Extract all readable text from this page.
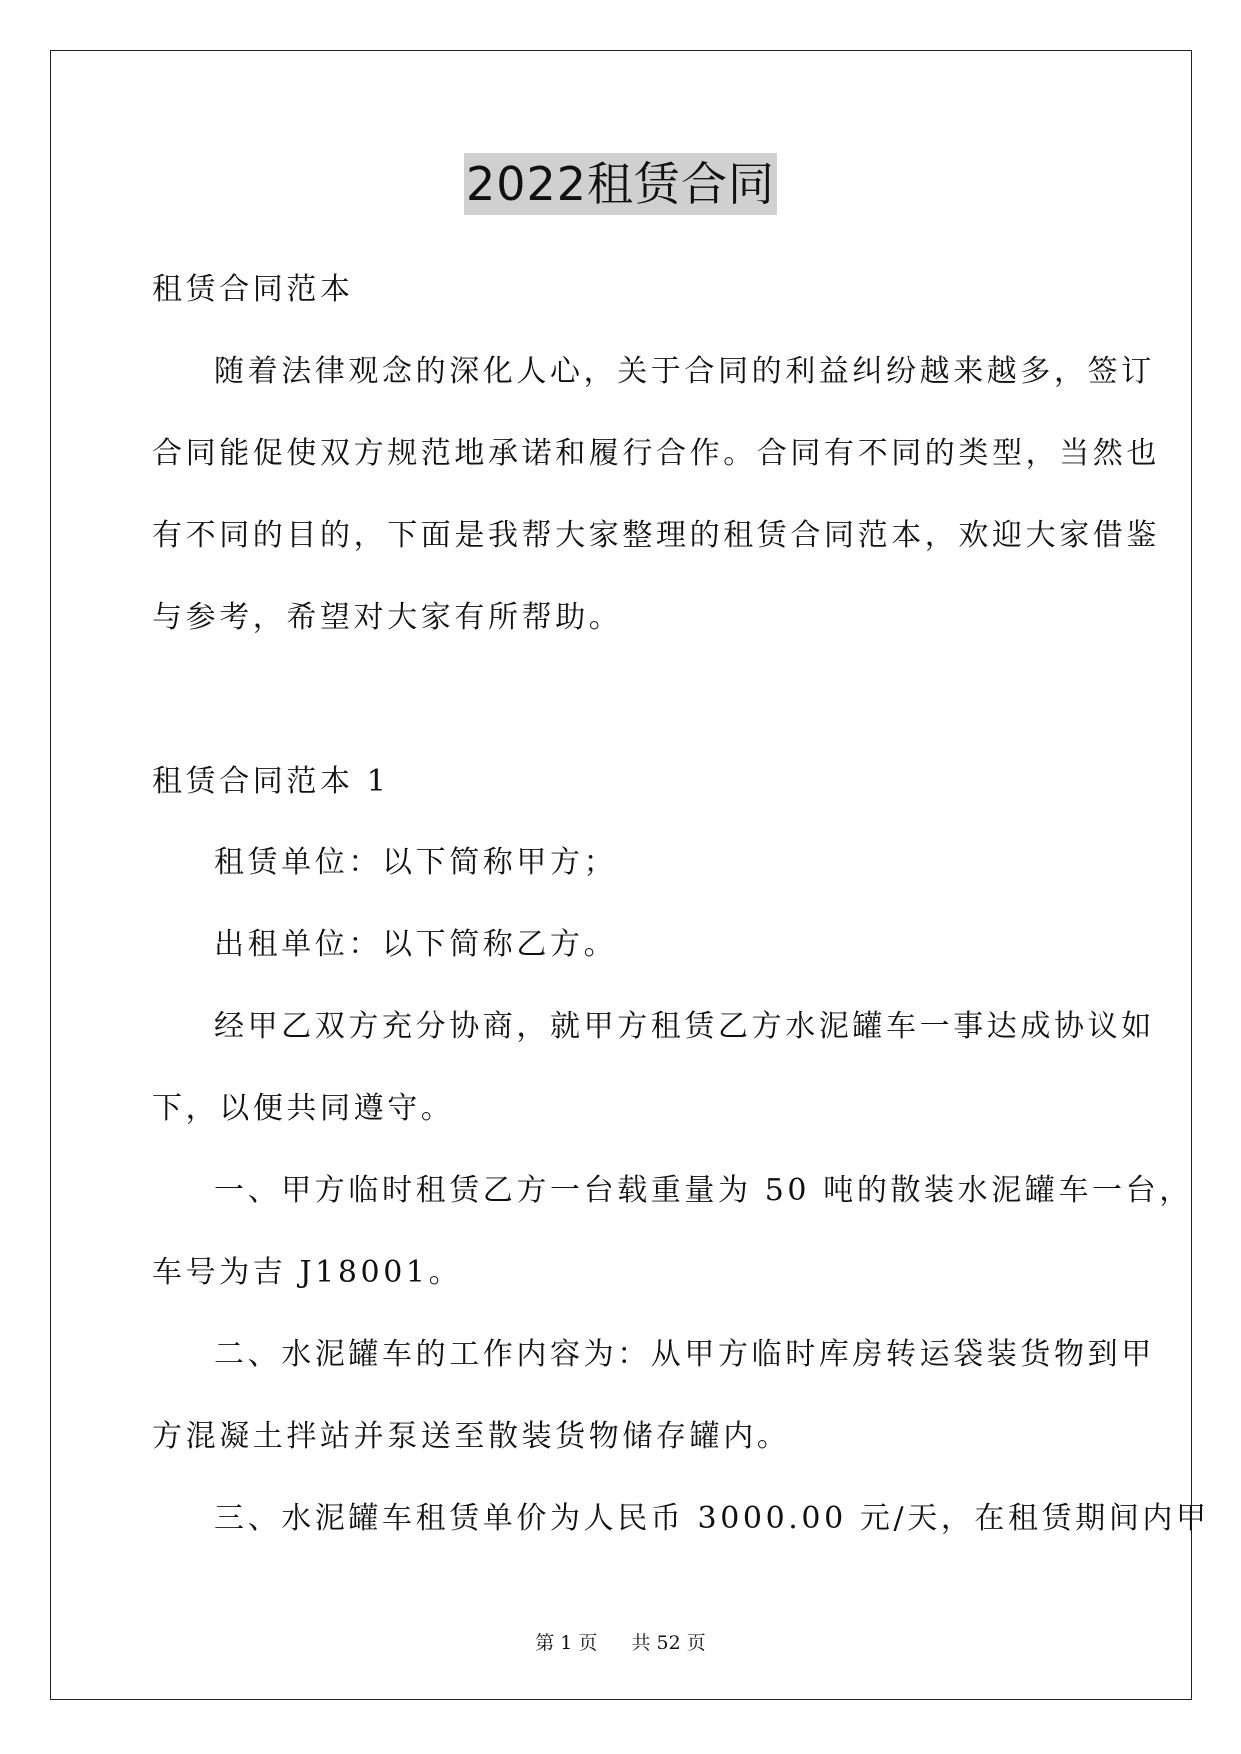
2022租赁合同
租赁合同范本
随着法律观念的深化人心，关于合同的利益纠纷越来越多，签订
合同能促使双方规范地承诺和履行合作。合同有不同的类型，当然也
有不同的目的，下面是我帮大家整理的租赁合同范本，欢迎大家借鉴
与参考，希望对大家有所帮助。
租赁合同范本 1
租赁单位：以下简称甲方；
出租单位：以下简称乙方。
经甲乙双方充分协商，就甲方租赁乙方水泥罐车一事达成协议如
下，以便共同遵守。
一、甲方临时租赁乙方一台载重量为 50 吨的散装水泥罐车一台，
车号为吉 J18001。
二、水泥罐车的工作内容为：从甲方临时库房转运袋装货物到甲
方混凝土拌站并泵送至散装货物储存罐内。
三、水泥罐车租赁单价为人民币 3000.00 元/天，在租赁期间内甲
第 1 页 共 52 页
